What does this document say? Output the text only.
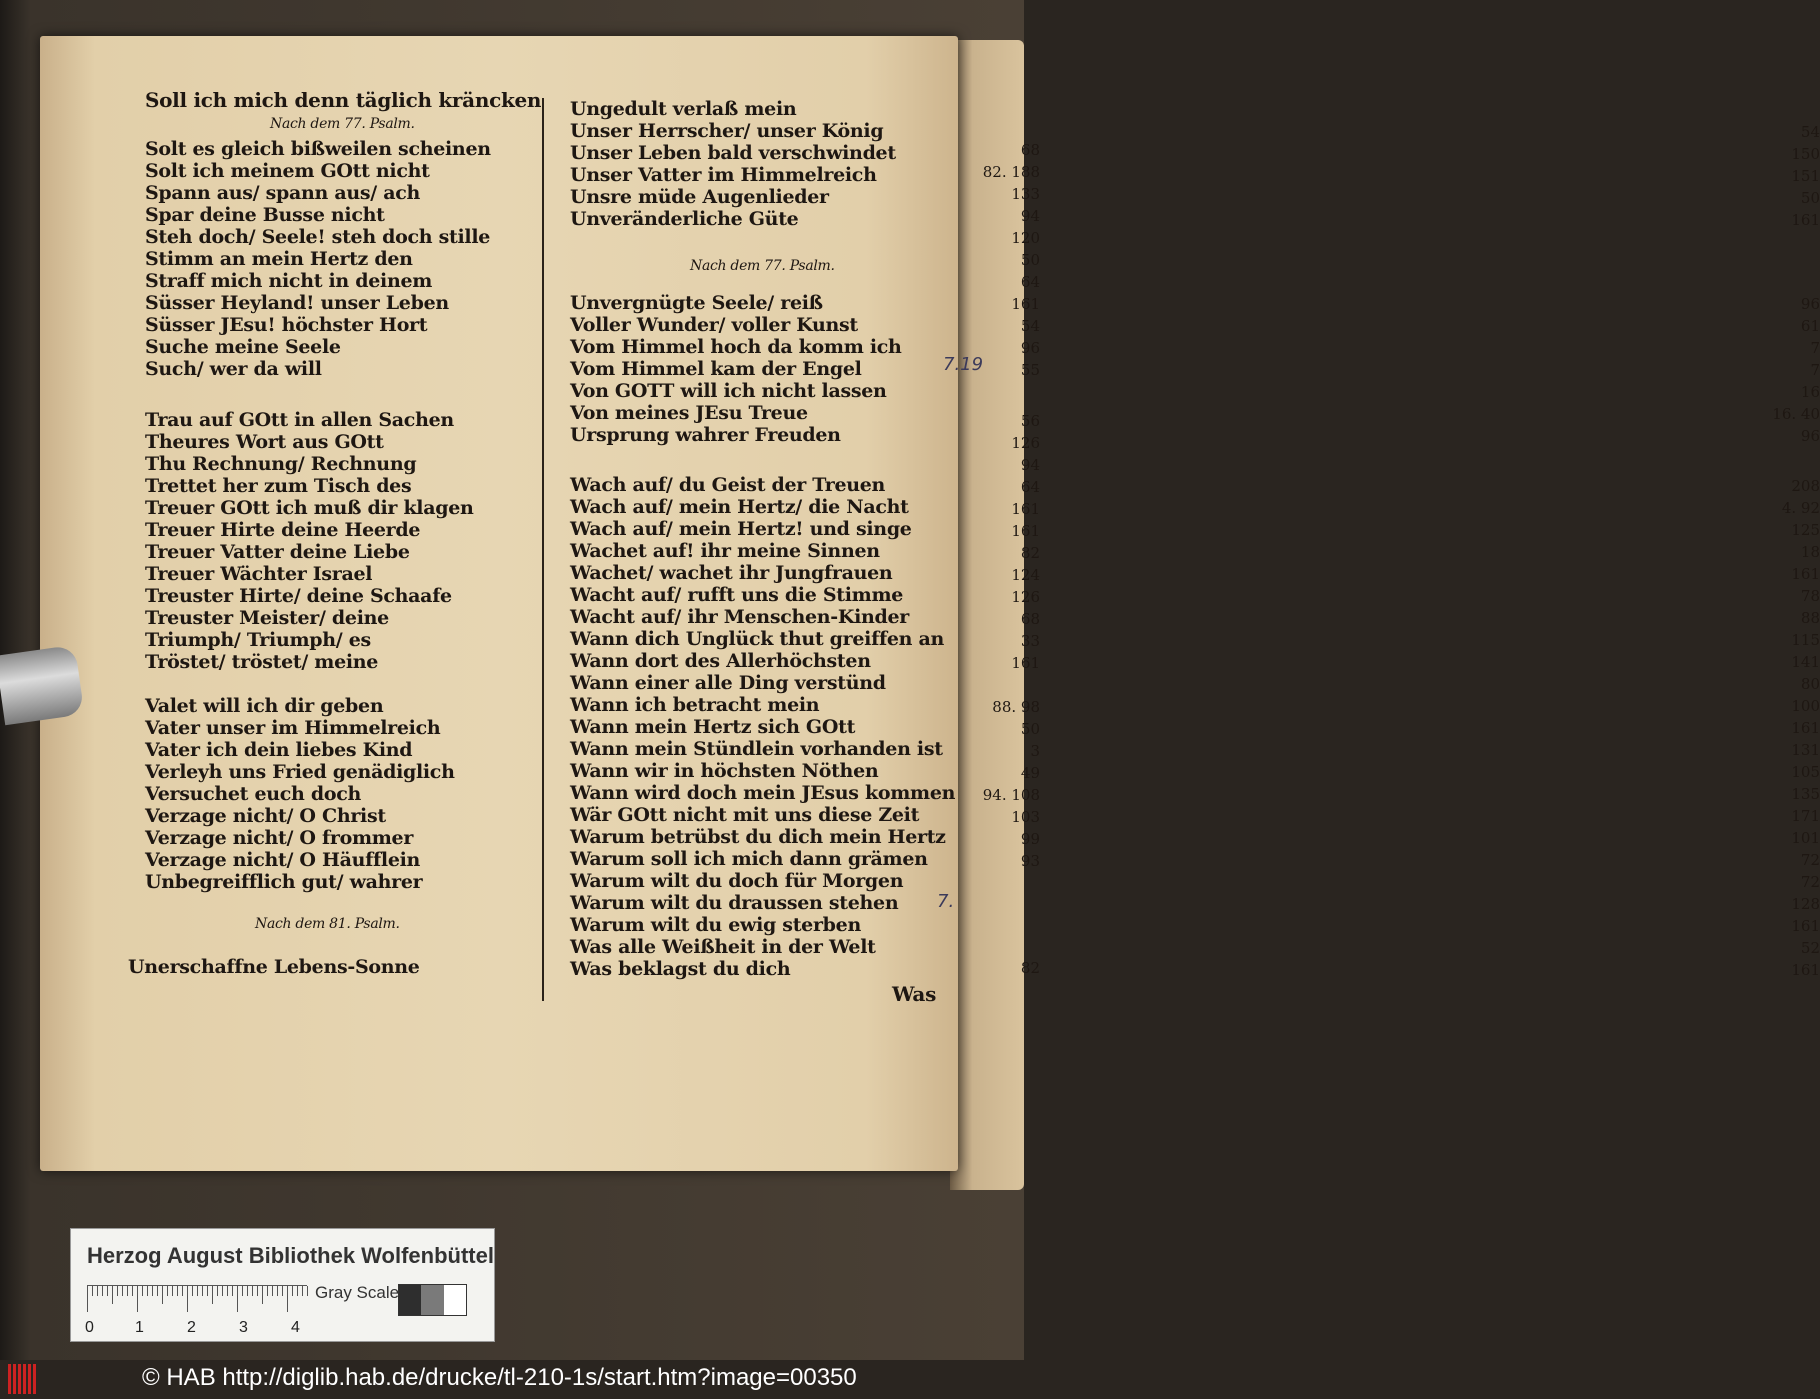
Soll ich mich denn täglich kräncken
Nach dem 77. Psalm.
Solt es gleich bißweilen scheinen	68
Solt ich meinem GOtt nicht	82. 188
Spann aus/ spann aus/ ach	133
Spar deine Busse nicht	94
Steh doch/ Seele! steh doch stille	120
Stimm an mein Hertz den	50
Straff mich nicht in deinem	64
Süsser Heyland! unser Leben	161
Süsser JEsu! höchster Hort	54
Suche meine Seele	96
Such/ wer da will	55
Trau auf GOtt in allen Sachen	56
Theures Wort aus GOtt	126
Thu Rechnung/ Rechnung	94
Trettet her zum Tisch des	64
Treuer GOtt ich muß dir klagen	161
Treuer Hirte deine Heerde	161
Treuer Vatter deine Liebe	82
Treuer Wächter Israel	124
Treuster Hirte/ deine Schaafe	126
Treuster Meister/ deine	68
Triumph/ Triumph/ es	33
Tröstet/ tröstet/ meine	161
Valet will ich dir geben	88. 98
Vater unser im Himmelreich	50
Vater ich dein liebes Kind	3
Verleyh uns Fried genädiglich	49
Versuchet euch doch	94. 108
Verzage nicht/ O Christ	103
Verzage nicht/ O frommer	99
Verzage nicht/ O Häufflein	93
Unbegreifflich gut/ wahrer
Nach dem 81. Psalm.
Unerschaffne Lebens-Sonne	82
Ungedult verlaß mein
Unser Herrscher/ unser König	54
Unser Leben bald verschwindet	150
Unser Vatter im Himmelreich	151
Unsre müde Augenlieder	50
Unveränderliche Güte	161
Nach dem 77. Psalm.
Unvergnügte Seele/ reiß	96
Voller Wunder/ voller Kunst	61
Vom Himmel hoch da komm ich	7
Vom Himmel kam der Engel	7
Von GOTT will ich nicht lassen	16
Von meines JEsu Treue	16. 40
Ursprung wahrer Freuden	96
Wach auf/ du Geist der Treuen	208
Wach auf/ mein Hertz/ die Nacht	4. 92
Wach auf/ mein Hertz! und singe	125
Wachet auf! ihr meine Sinnen	18
Wachet/ wachet ihr Jungfrauen	161
Wacht auf/ rufft uns die Stimme	78
Wacht auf/ ihr Menschen-Kinder	88
Wann dich Unglück thut greiffen an	115
Wann dort des Allerhöchsten	141
Wann einer alle Ding verstünd	80
Wann ich betracht mein	100
Wann mein Hertz sich GOtt	161
Wann mein Stündlein vorhanden ist	131
Wann wir in höchsten Nöthen	105
Wann wird doch mein JEsus kommen	135
Wär GOtt nicht mit uns diese Zeit	171
Warum betrübst du dich mein Hertz	101
Warum soll ich mich dann grämen	72
Warum wilt du doch für Morgen	72
Warum wilt du draussen stehen	128
Warum wilt du ewig sterben	161
Was alle Weißheit in der Welt	52
Was beklagst du dich	161
Was
7.19
7.
Herzog August Bibliothek Wolfenbüttel
0	1	2	3	4
Gray Scale
© HAB http://diglib.hab.de/drucke/tl-210-1s/start.htm?image=00350
